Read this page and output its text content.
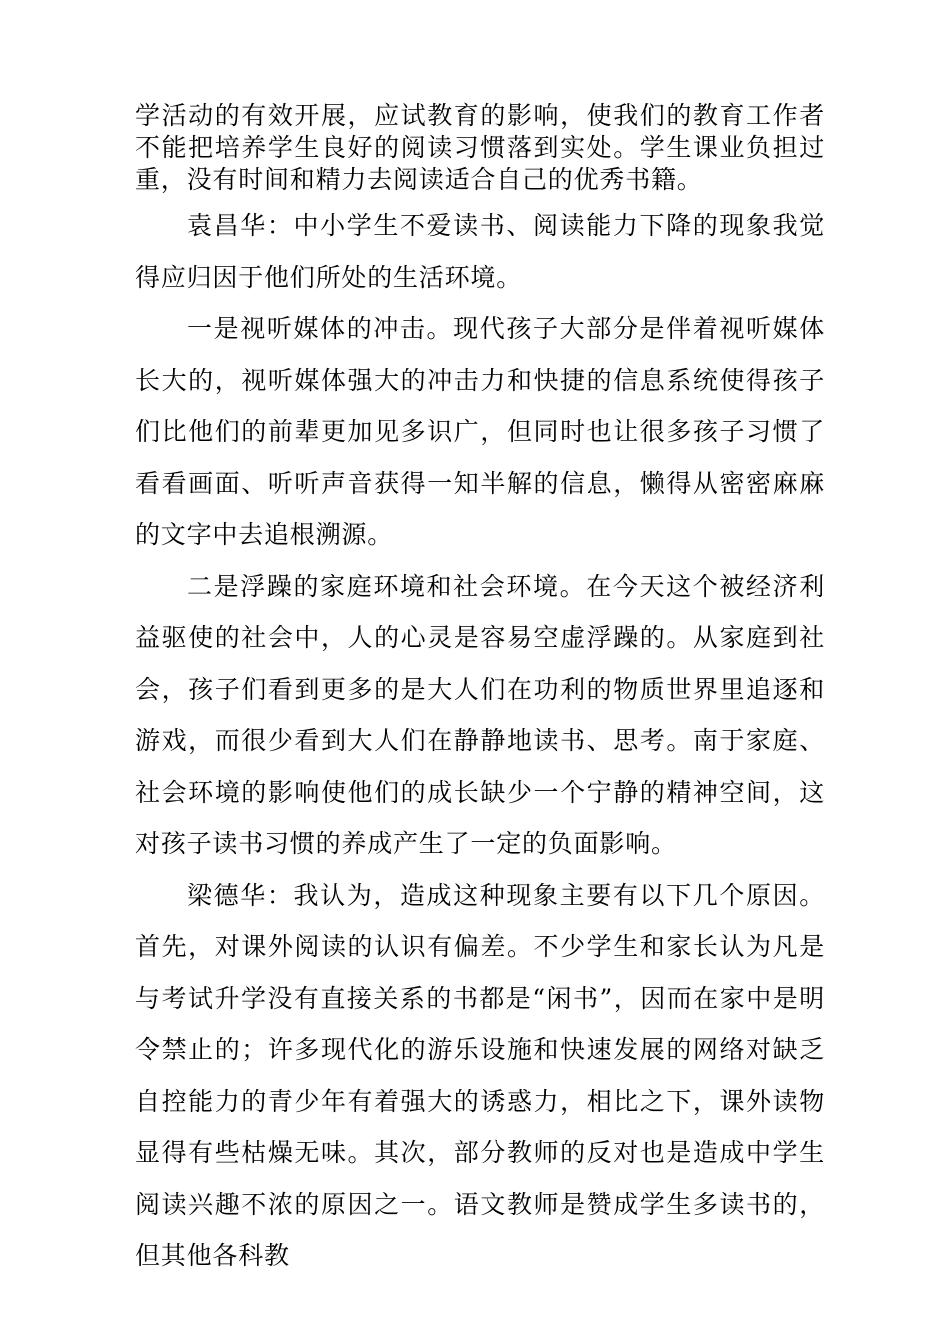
学活动的有效开展，应试教育的影响，使我们的教育工作者不能把培养学生良好的阅读习惯落到实处。学生课业负担过重，没有时间和精力去阅读适合自己的优秀书籍。

袁昌华：中小学生不爱读书、阅读能力下降的现象我觉得应归因于他们所处的生活环境。

一是视听媒体的冲击。现代孩子大部分是伴着视听媒体长大的，视听媒体强大的冲击力和快捷的信息系统使得孩子们比他们的前辈更加见多识广，但同时也让很多孩子习惯了看看画面、听听声音获得一知半解的信息，懒得从密密麻麻的文字中去追根溯源。

二是浮躁的家庭环境和社会环境。在今天这个被经济利益驱使的社会中，人的心灵是容易空虚浮躁的。从家庭到社会，孩子们看到更多的是大人们在功利的物质世界里追逐和游戏，而很少看到大人们在静静地读书、思考。南于家庭、社会环境的影响使他们的成长缺少一个宁静的精神空间，这对孩子读书习惯的养成产生了一定的负面影响。

梁德华：我认为，造成这种现象主要有以下几个原因。首先，对课外阅读的认识有偏差。不少学生和家长认为凡是与考试升学没有直接关系的书都是“闲书”，因而在家中是明令禁止的；许多现代化的游乐设施和快速发展的网络对缺乏自控能力的青少年有着强大的诱惑力，相比之下，课外读物显得有些枯燥无味。其次，部分教师的反对也是造成中学生阅读兴趣不浓的原因之一。语文教师是赞成学生多读书的，但其他各科教
